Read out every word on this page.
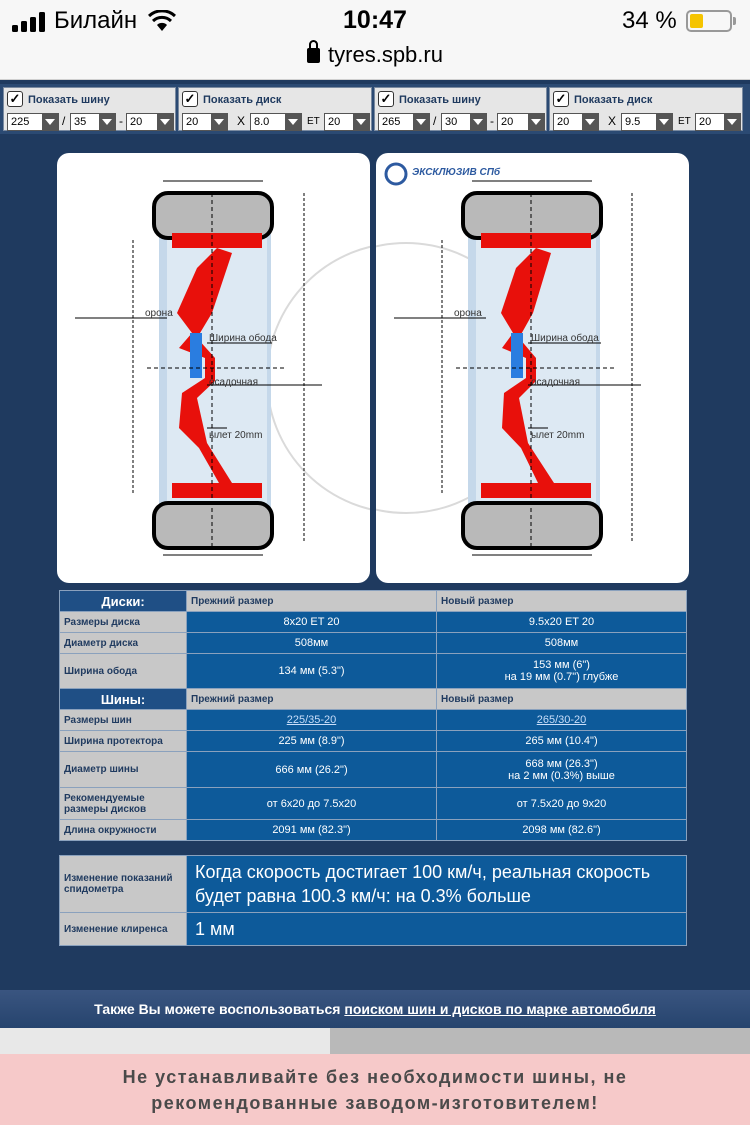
Билайн	10:47	34 %
tyres.spb.ru
✓ Показать шину
225	/ 35	- 20
✓ Показать диск
20	X 8.0	ET 20
✓ Показать шину
265	/ 30	- 20
✓ Показать диск
20	X 9.5	ET 20
орона
Ширина обода
осадочная
ылет 20mm
орона
Ширина обода
осадочная
ылет 20mm
ЭКСКЛЮЗИВ СПб
Диски:	Прежний размер	Новый размер
Размеры диска	8x20 ET 20	9.5x20 ET 20
Диаметр диска	508мм	508мм
Ширина обода	134 мм (5.3")	153 мм (6")
на 19 мм (0.7") глубже

Шины:	Прежний размер	Новый размер
Размеры шин	225/35-20	265/30-20
Ширина протектора	225 мм (8.9")	265 мм (10.4")
Диаметр шины	666 мм (26.2")	668 мм (26.3")
на 2 мм (0.3%) выше

Рекомендуемые размеры дисков	от 6x20 до 7.5x20	от 7.5x20 до 9x20
Длина окружности	2091 мм (82.3")	2098 мм (82.6")
Изменение показаний спидометра	Когда скорость достигает 100 км/ч, реальная скорость будет равна 100.3 км/ч: на 0.3% больше
Изменение клиренса	1 мм
Также Вы можете воспользоваться поиском шин и дисков по марке автомобиля
Не устанавливайте без необходимости шины, не
рекомендованные заводом-изготовителем!
